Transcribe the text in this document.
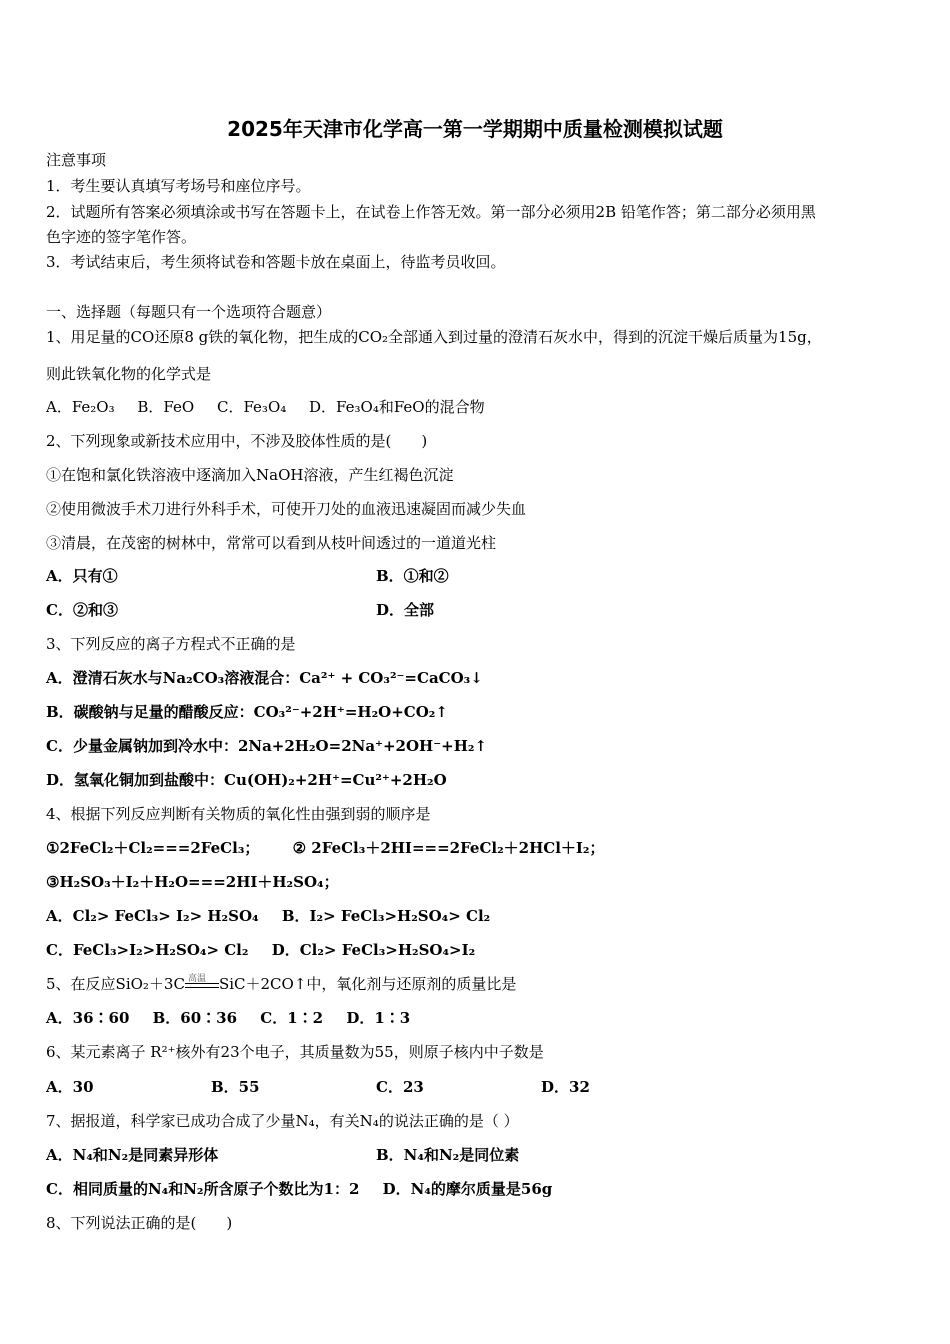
2025年天津市化学高一第一学期期中质量检测模拟试题
注意事项
1．考生要认真填写考场号和座位序号。
2．试题所有答案必须填涂或书写在答题卡上，在试卷上作答无效。第一部分必须用2B 铅笔作答；第二部分必须用黑
色字迹的签字笔作答。
3．考试结束后，考生须将试卷和答题卡放在桌面上，待监考员收回。
一、选择题（每题只有一个选项符合题意）
1、用足量的CO还原8 g铁的氧化物，把生成的CO₂全部通入到过量的澄清石灰水中，得到的沉淀干燥后质量为15g，
则此铁氧化物的化学式是
A．Fe₂O₃ B．FeO C．Fe₃O₄ D．Fe₃O₄和FeO的混合物
2、下列现象或新技术应用中，不涉及胶体性质的是(　　)
①在饱和氯化铁溶液中逐滴加入NaOH溶液，产生红褐色沉淀
②使用微波手术刀进行外科手术，可使开刀处的血液迅速凝固而减少失血
③清晨，在茂密的树林中，常常可以看到从枝叶间透过的一道道光柱
A．只有①	B．①和②
C．②和③	D．全部
3、下列反应的离子方程式不正确的是
A．澄清石灰水与Na₂CO₃溶液混合：Ca²⁺ + CO₃²⁻=CaCO₃↓
B．碳酸钠与足量的醋酸反应：CO₃²⁻+2H⁺=H₂O+CO₂↑
C．少量金属钠加到冷水中：2Na+2H₂O=2Na⁺+2OH⁻+H₂↑
D．氢氧化铜加到盐酸中：Cu(OH)₂+2H⁺=Cu²⁺+2H₂O
4、根据下列反应判断有关物质的氧化性由强到弱的顺序是
①2FeCl₂＋Cl₂===2FeCl₃； ② 2FeCl₃＋2HI===2FeCl₂＋2HCl＋I₂；
③H₂SO₃＋I₂＋H₂O===2HI＋H₂SO₄；
A．Cl₂> FeCl₃> I₂> H₂SO₄ B．I₂> FeCl₃>H₂SO₄> Cl₂
C．FeCl₃>I₂>H₂SO₄> Cl₂ D．Cl₂> FeCl₃>H₂SO₄>I₂
5、在反应SiO₂＋3C 高温 SiC＋2CO↑中，氧化剂与还原剂的质量比是
A．36∶60 B．60∶36 C．1∶2 D．1∶3
6、某元素离子 R²⁺核外有23个电子，其质量数为55，则原子核内中子数是
A．30	B．55	C．23	D．32
7、据报道，科学家已成功合成了少量N₄，有关N₄的说法正确的是（ ）
A．N₄和N₂是同素异形体	B．N₄和N₂是同位素
C．相同质量的N₄和N₂所含原子个数比为1：2 D．N₄的摩尔质量是56g
8、下列说法正确的是(　　)
